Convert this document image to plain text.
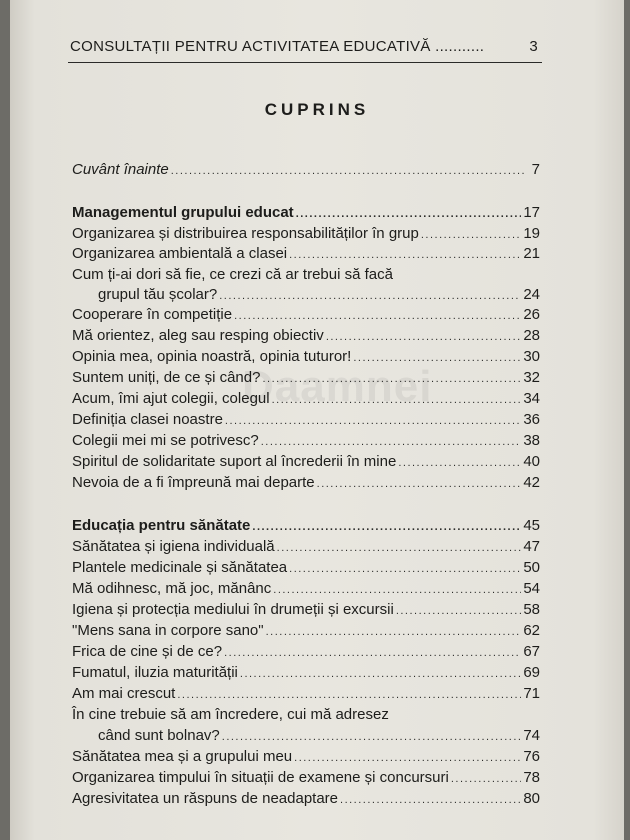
CONSULTAȚII PENTRU ACTIVITATEA EDUCATIVĂ ...........	3
CUPRINS
Daamnei
Cuvânt înainte .....	7
Managementul grupului educat .....	17
Organizarea și distribuirea responsabilităților în grup .....	19
Organizarea ambientală a clasei .....	21
Cum ți-ai dori să fie, ce crezi că ar trebui să facă
grupul tău școlar? .....	24
Cooperare în competiție .....	26
Mă orientez, aleg sau resping obiectiv .....	28
Opinia mea, opinia noastră, opinia tuturor! .....	30
Suntem uniți, de ce și când? .....	32
Acum, îmi ajut colegii, colegul .....	34
Definiția clasei noastre .....	36
Colegii mei mi se potrivesc? .....	38
Spiritul de solidaritate suport al încrederii în mine .....	40
Nevoia de a fi împreună mai departe .....	42
Educația pentru sănătate .....	45
Sănătatea și igiena individuală .....	47
Plantele medicinale și sănătatea .....	50
Mă odihnesc, mă joc, mănânc .....	54
Igiena și protecția mediului în drumeții și excursii .....	58
"Mens sana in corpore sano" .....	62
Frica de cine și de ce? .....	67
Fumatul, iluzia maturității .....	69
Am mai crescut .....	71
În cine trebuie să am încredere, cui mă adresez
când sunt bolnav? .....	74
Sănătatea mea și a grupului meu .....	76
Organizarea timpului în situații de examene și concursuri .....	78
Agresivitatea un răspuns de neadaptare .....	80
